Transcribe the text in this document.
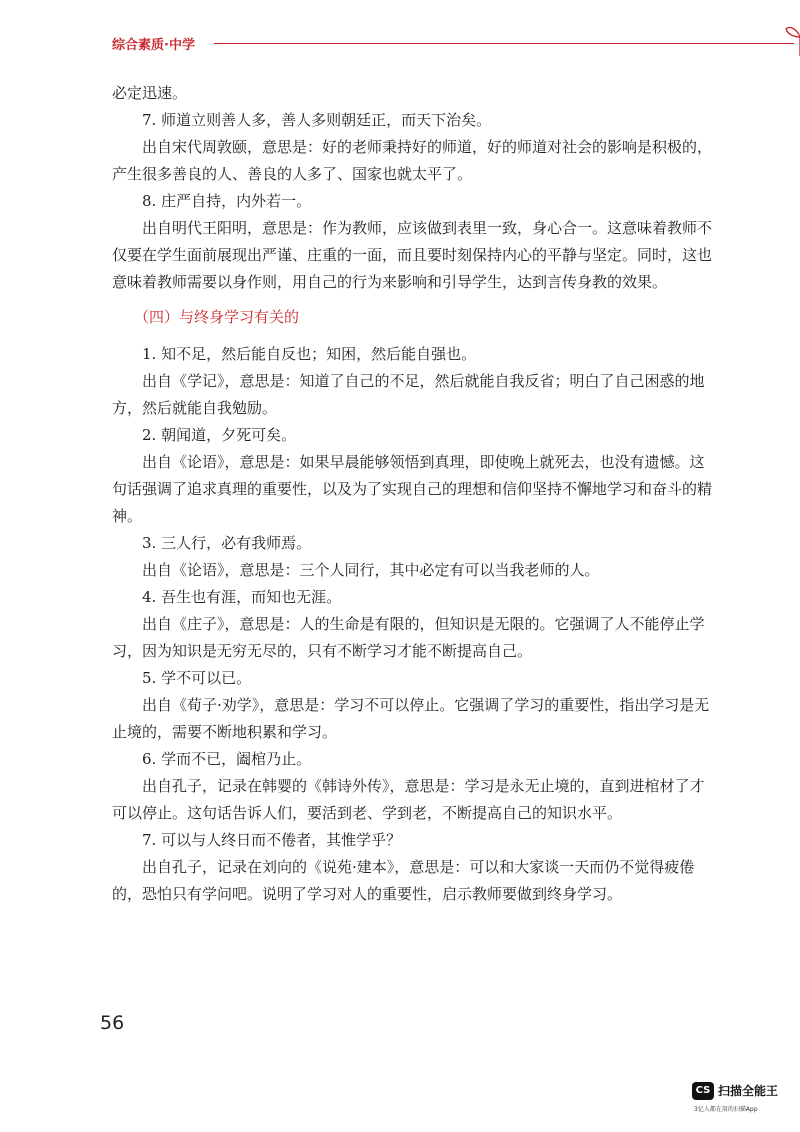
综合素质·中学

必定迅速。

7. 师道立则善人多，善人多则朝廷正，而天下治矣。

出自宋代周敦颐，意思是：好的老师秉持好的师道，好的师道对社会的影响是积极的，产生很多善良的人、善良的人多了、国家也就太平了。

8. 庄严自持，内外若一。

出自明代王阳明，意思是：作为教师，应该做到表里一致，身心合一。这意味着教师不仅要在学生面前展现出严谨、庄重的一面，而且要时刻保持内心的平静与坚定。同时，这也意味着教师需要以身作则，用自己的行为来影响和引导学生，达到言传身教的效果。

（四）与终身学习有关的

1. 知不足，然后能自反也；知困，然后能自强也。

出自《学记》，意思是：知道了自己的不足，然后就能自我反省；明白了自己困惑的地方，然后就能自我勉励。

2. 朝闻道，夕死可矣。

出自《论语》，意思是：如果早晨能够领悟到真理，即使晚上就死去，也没有遗憾。这句话强调了追求真理的重要性，以及为了实现自己的理想和信仰坚持不懈地学习和奋斗的精神。

3. 三人行，必有我师焉。

出自《论语》，意思是：三个人同行，其中必定有可以当我老师的人。

4. 吾生也有涯，而知也无涯。

出自《庄子》，意思是：人的生命是有限的，但知识是无限的。它强调了人不能停止学习，因为知识是无穷无尽的，只有不断学习才能不断提高自己。

5. 学不可以已。

出自《荀子·劝学》，意思是：学习不可以停止。它强调了学习的重要性，指出学习是无止境的，需要不断地积累和学习。

6. 学而不已，阖棺乃止。

出自孔子，记录在韩婴的《韩诗外传》，意思是：学习是永无止境的，直到进棺材了才可以停止。这句话告诉人们，要活到老、学到老，不断提高自己的知识水平。

7. 可以与人终日而不倦者，其惟学乎？

出自孔子，记录在刘向的《说苑·建本》，意思是：可以和大家谈一天而仍不觉得疲倦的，恐怕只有学问吧。说明了学习对人的重要性，启示教师要做到终身学习。

56
CS 扫描全能王
3亿人都在用的扫描App
